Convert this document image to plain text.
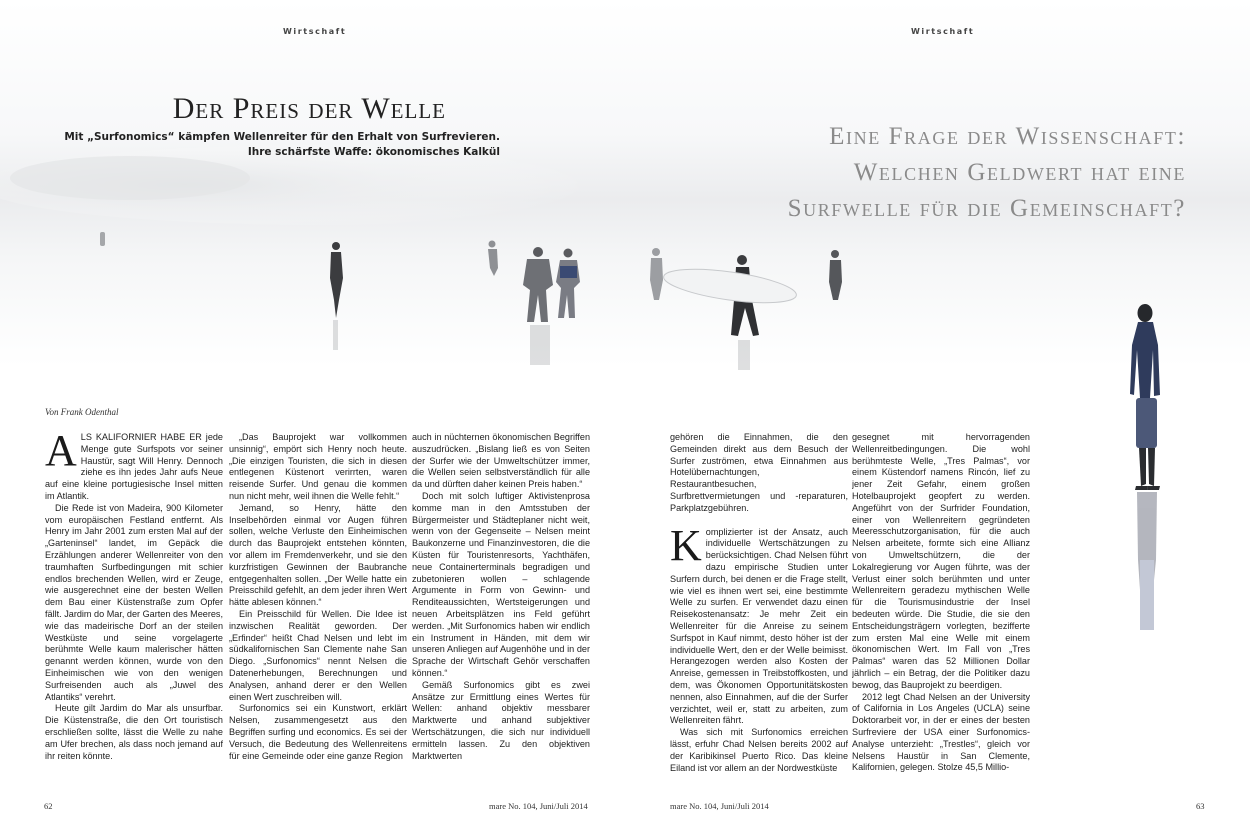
Wirtschaft	Wirtschaft
Der Preis der Welle
Mit „Surfonomics“ kämpfen Wellenreiter für den Erhalt von Surfrevieren.
Ihre schärfste Waffe: ökonomisches Kalkül
Eine Frage der Wissenschaft:
Welchen Geldwert hat eine
Surfwelle für die Gemeinschaft?
Von Frank Odenthal

ALS KALIFORNIER HABE ER jede Menge gute Surfspots vor seiner Haustür, sagt Will Henry. Dennoch ziehe es ihn jedes Jahr aufs Neue auf eine kleine portugiesische Insel mitten im Atlantik.

Die Rede ist von Madeira, 900 Kilometer vom europäischen Festland entfernt. Als Henry im Jahr 2001 zum ersten Mal auf der „Garteninsel“ landet, im Gepäck die Erzählungen anderer Wellenreiter von den traumhaften Surfbedingungen mit schier endlos brechenden Wellen, wird er Zeuge, wie ausgerechnet eine der besten Wellen dem Bau einer Küstenstraße zum Opfer fällt. Jardim do Mar, der Garten des Meeres, wie das madeirische Dorf an der steilen Westküste und seine vorgelagerte berühmte Welle kaum malerischer hätten genannt werden können, wurde von den Einheimischen wie von den wenigen Surfreisenden auch als „Juwel des Atlantiks“ verehrt.

Heute gilt Jardim do Mar als unsurfbar. Die Küstenstraße, die den Ort touristisch erschließen sollte, lässt die Welle zu nahe am Ufer brechen, als dass noch jemand auf ihr reiten könnte.

„Das Bauprojekt war vollkommen unsinnig“, empört sich Henry noch heute. „Die einzigen Touristen, die sich in diesen entlegenen Küstenort verirrten, waren reisende Surfer. Und genau die kommen nun nicht mehr, weil ihnen die Welle fehlt.“

Jemand, so Henry, hätte den Inselbehörden einmal vor Augen führen sollen, welche Verluste den Einheimischen durch das Bauprojekt entstehen könnten, vor allem im Fremdenverkehr, und sie den kurzfristigen Gewinnen der Baubranche entgegenhalten sollen. „Der Welle hatte ein Preisschild gefehlt, an dem jeder ihren Wert hätte ablesen können.“

Ein Preisschild für Wellen. Die Idee ist inzwischen Realität geworden. Der „Erfinder“ heißt Chad Nelsen und lebt im südkalifornischen San Clemente nahe San Diego. „Surfonomics“ nennt Nelsen die Datenerhebungen, Berechnungen und Analysen, anhand derer er den Wellen einen Wert zuschreiben will.

Surfonomics sei ein Kunstwort, erklärt Nelsen, zusammengesetzt aus den Begriffen surfing und economics. Es sei der Versuch, die Bedeutung des Wellenreitens für eine Gemeinde oder eine ganze Region

auch in nüchternen ökonomischen Begriffen auszudrücken. „Bislang ließ es von Seiten der Surfer wie der Umweltschützer immer, die Wellen seien selbstverständlich für alle da und dürften daher keinen Preis haben.“

Doch mit solch luftiger Aktivistenprosa komme man in den Amtsstuben der Bürgermeister und Städteplaner nicht weit, wenn von der Gegenseite – Nelsen meint Baukonzerne und Finanzinvestoren, die die Küsten für Touristenresorts, Yachthäfen, neue Containerterminals begradigen und zubetonieren wollen – schlagende Argumente in Form von Gewinn- und Renditeaussichten, Wertsteigerungen und neuen Arbeitsplätzen ins Feld geführt werden. „Mit Surfonomics haben wir endlich ein Instrument in Händen, mit dem wir unseren Anliegen auf Augenhöhe und in der Sprache der Wirtschaft Gehör verschaffen können.“

Gemäß Surfonomics gibt es zwei Ansätze zur Ermittlung eines Wertes für Wellen: anhand objektiv messbarer Marktwerte und anhand subjektiver Wertschätzungen, die sich nur individuell ermitteln lassen. Zu den objektiven Marktwerten

gehören die Einnahmen, die den Gemeinden direkt aus dem Besuch der Surfer zuströmen, etwa Einnahmen aus Hotelübernachtungen, Restaurantbesuchen, Surfbrettvermietungen und -reparaturen, Parkplatzgebühren.

Komplizierter ist der Ansatz, auch individuelle Wertschätzungen zu berücksichtigen. Chad Nelsen führt dazu empirische Studien unter Surfern durch, bei denen er die Frage stellt, wie viel es ihnen wert sei, eine bestimmte Welle zu surfen. Er verwendet dazu einen Reisekostenansatz: Je mehr Zeit ein Wellenreiter für die Anreise zu seinem Surfspot in Kauf nimmt, desto höher ist der individuelle Wert, den er der Welle beimisst. Herangezogen werden also Kosten der Anreise, gemessen in Treibstoffkosten, und dem, was Ökonomen Opportunitätskosten nennen, also Einnahmen, auf die der Surfer verzichtet, weil er, statt zu arbeiten, zum Wellenreiten fährt.

Was sich mit Surfonomics erreichen lässt, erfuhr Chad Nelsen bereits 2002 auf der Karibikinsel Puerto Rico. Das kleine Eiland ist vor allem an der Nordwestküste

gesegnet mit hervorragenden Wellenreitbedingungen. Die wohl berühmteste Welle, „Tres Palmas“, vor einem Küstendorf namens Rincón, lief zu jener Zeit Gefahr, einem großen Hotelbauprojekt geopfert zu werden. Angeführt von der Surfrider Foundation, einer von Wellenreitern gegründeten Meeresschutzorganisation, für die auch Nelsen arbeitete, formte sich eine Allianz von Umweltschützern, die der Lokalregierung vor Augen führte, was der Verlust einer solch berühmten und unter Wellenreitern geradezu mythischen Welle für die Tourismusindustrie der Insel bedeuten würde. Die Studie, die sie den Entscheidungsträgern vorlegten, bezifferte zum ersten Mal eine Welle mit einem ökonomischen Wert. Im Fall von „Tres Palmas“ waren das 52 Millionen Dollar jährlich – ein Betrag, der die Politiker dazu bewog, das Bauprojekt zu beerdigen.

2012 legt Chad Nelsen an der University of California in Los Angeles (UCLA) seine Doktorarbeit vor, in der er eines der besten Surfreviere der USA einer Surfonomics-Analyse unterzieht: „Trestles“, gleich vor Nelsens Haustür in San Clemente, Kalifornien, gelegen. Stolze 45,5 Millio-

62	mare No. 104, Juni/Juli 2014	mare No. 104, Juni/Juli 2014	63
